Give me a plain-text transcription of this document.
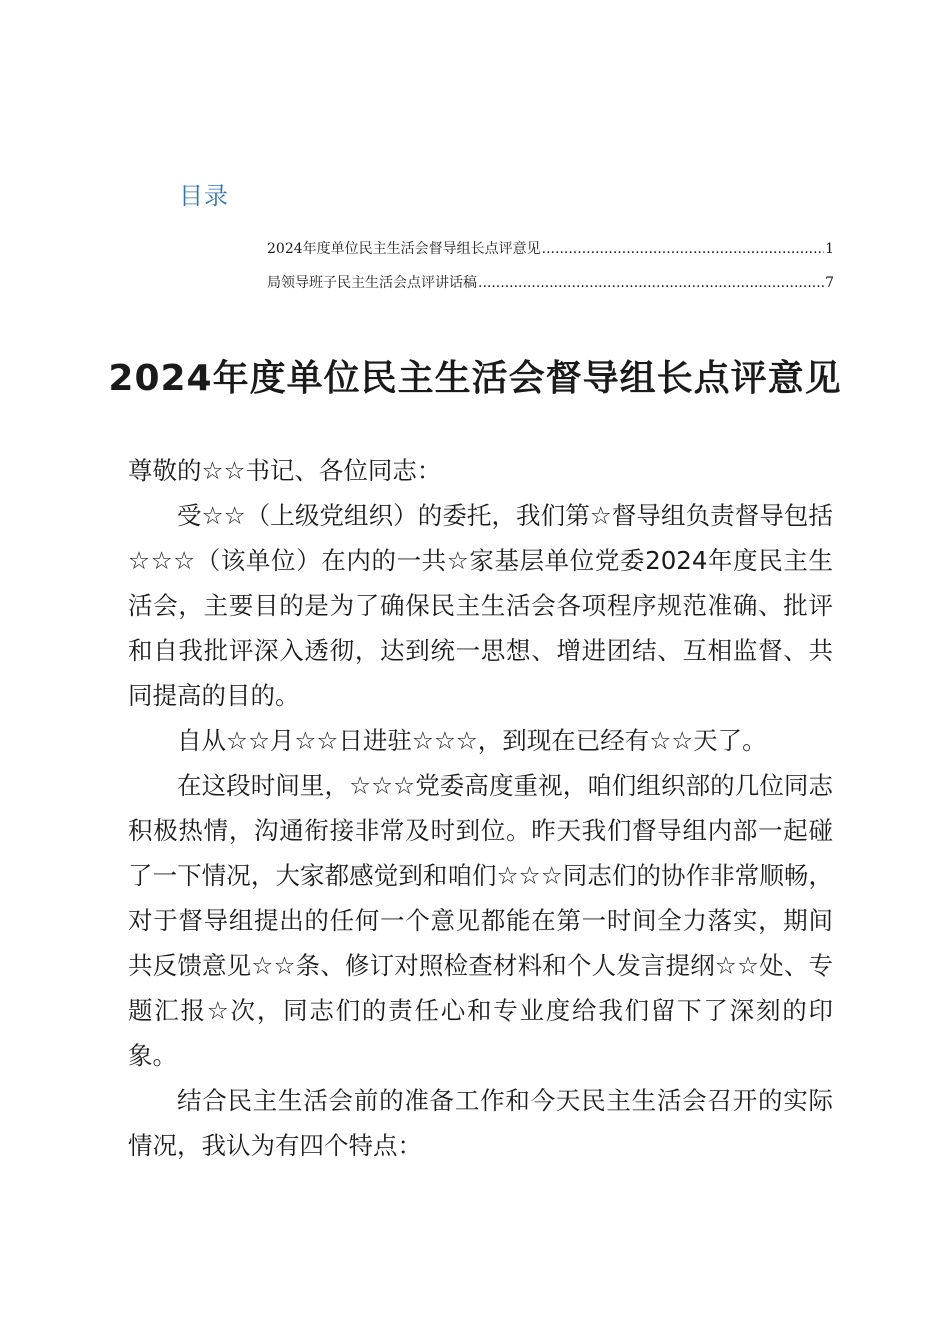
目录
2024年度单位民主生活会督导组长点评意见 .....	1
局领导班子民主生活会点评讲话稿 .....	7
2024年度单位民主生活会督导组长点评意见

尊敬的☆☆书记、各位同志：

受☆☆（上级党组织）的委托，我们第☆督导组负责督导包括☆☆☆（该单位）在内的一共☆家基层单位党委2024年度民主生活会，主要目的是为了确保民主生活会各项程序规范准确、批评和自我批评深入透彻，达到统一思想、增进团结、互相监督、共同提高的目的。

自从☆☆月☆☆日进驻☆☆☆，到现在已经有☆☆天了。

在这段时间里，☆☆☆党委高度重视，咱们组织部的几位同志积极热情，沟通衔接非常及时到位。昨天我们督导组内部一起碰了一下情况，大家都感觉到和咱们☆☆☆同志们的协作非常顺畅，对于督导组提出的任何一个意见都能在第一时间全力落实，期间共反馈意见☆☆条、修订对照检查材料和个人发言提纲☆☆处、专题汇报☆次，同志们的责任心和专业度给我们留下了深刻的印象。

结合民主生活会前的准备工作和今天民主生活会召开的实际情况，我认为有四个特点：
